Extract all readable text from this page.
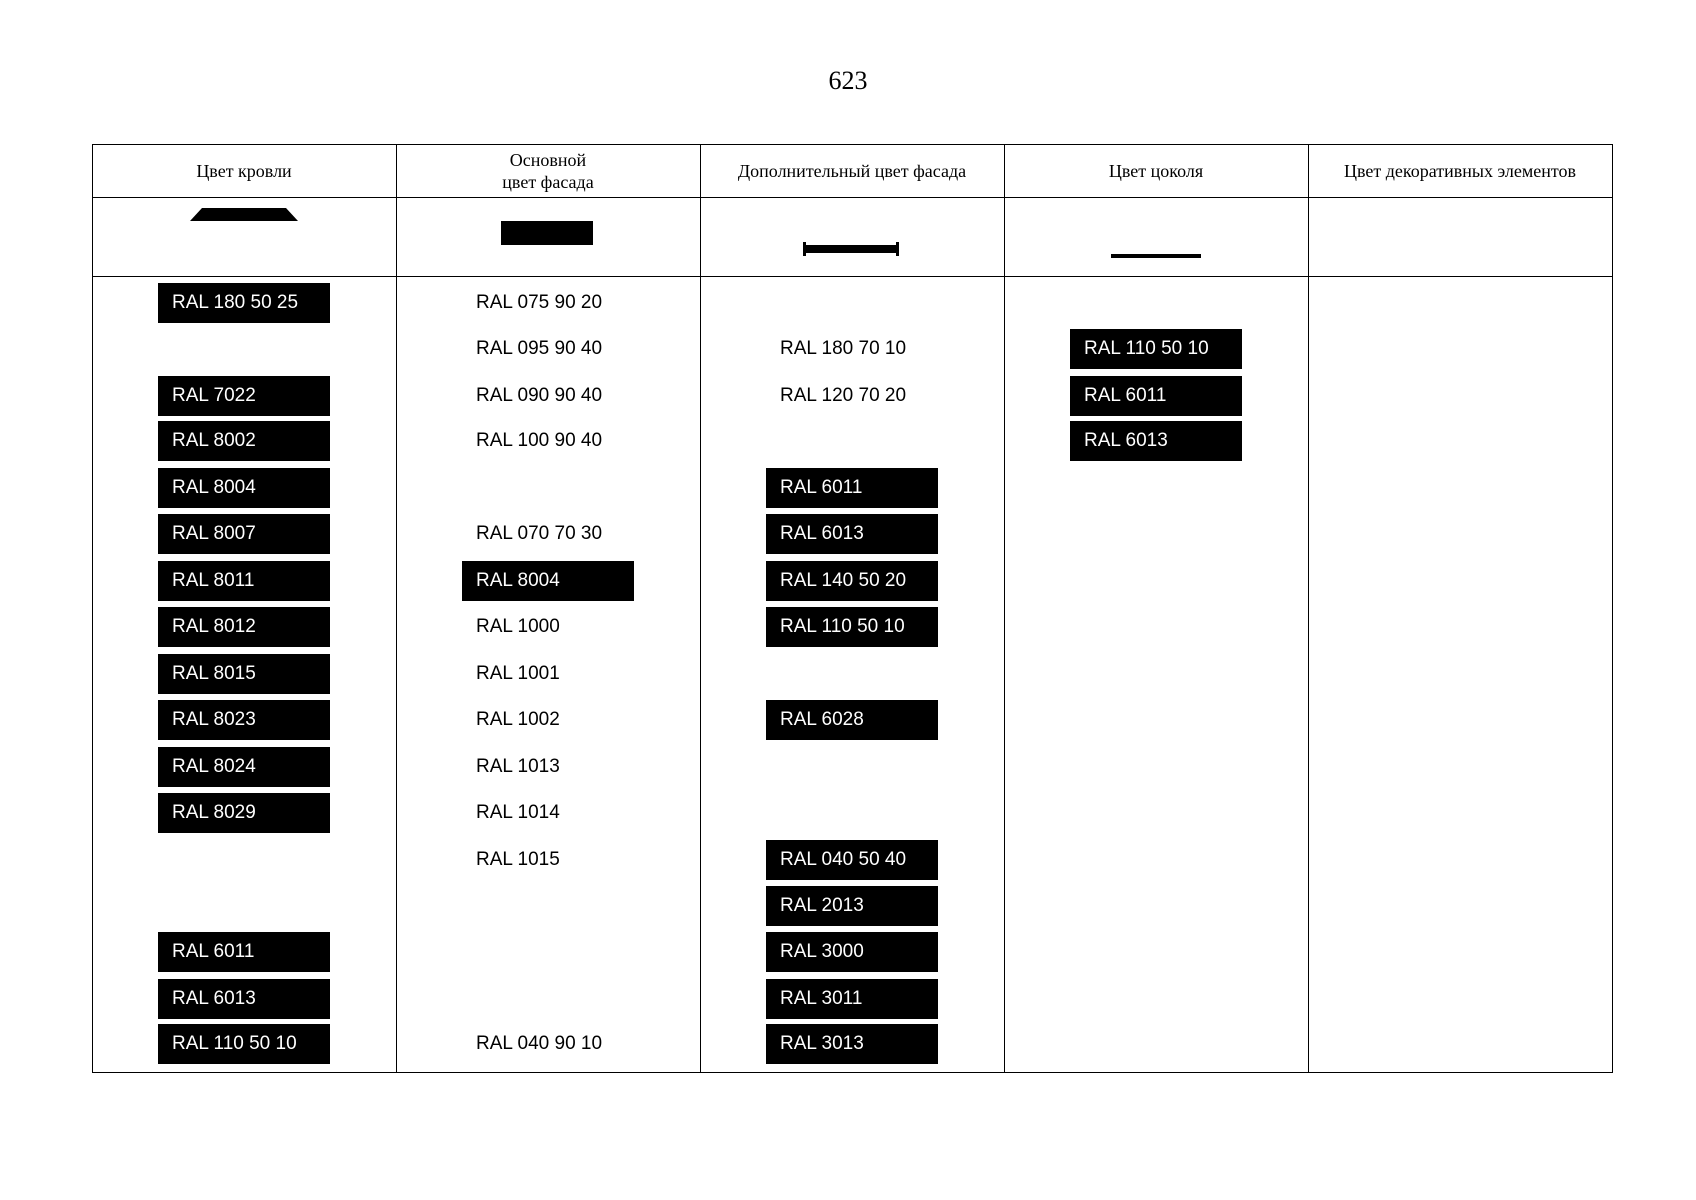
623
Цвет кровли
Основной
цвет фасада
Дополнительный цвет фасада	Цвет цоколя	Цвет декоративных элементов
RAL 180 50 25
RAL 7022
RAL 8002
RAL 8004
RAL 8007
RAL 8011
RAL 8012
RAL 8015
RAL 8023
RAL 8024
RAL 8029
RAL 6011
RAL 6013
RAL 110 50 10
RAL 075 90 20
RAL 095 90 40
RAL 090 90 40
RAL 100 90 40
RAL 070 70 30
RAL 8004
RAL 1000
RAL 1001
RAL 1002
RAL 1013
RAL 1014
RAL 1015
RAL 040 90 10
RAL 180 70 10
RAL 120 70 20
RAL 6011
RAL 6013
RAL 140 50 20
RAL 110 50 10
RAL 6028
RAL 040 50 40
RAL 2013
RAL 3000
RAL 3011
RAL 3013
RAL 110 50 10
RAL 6011
RAL 6013
